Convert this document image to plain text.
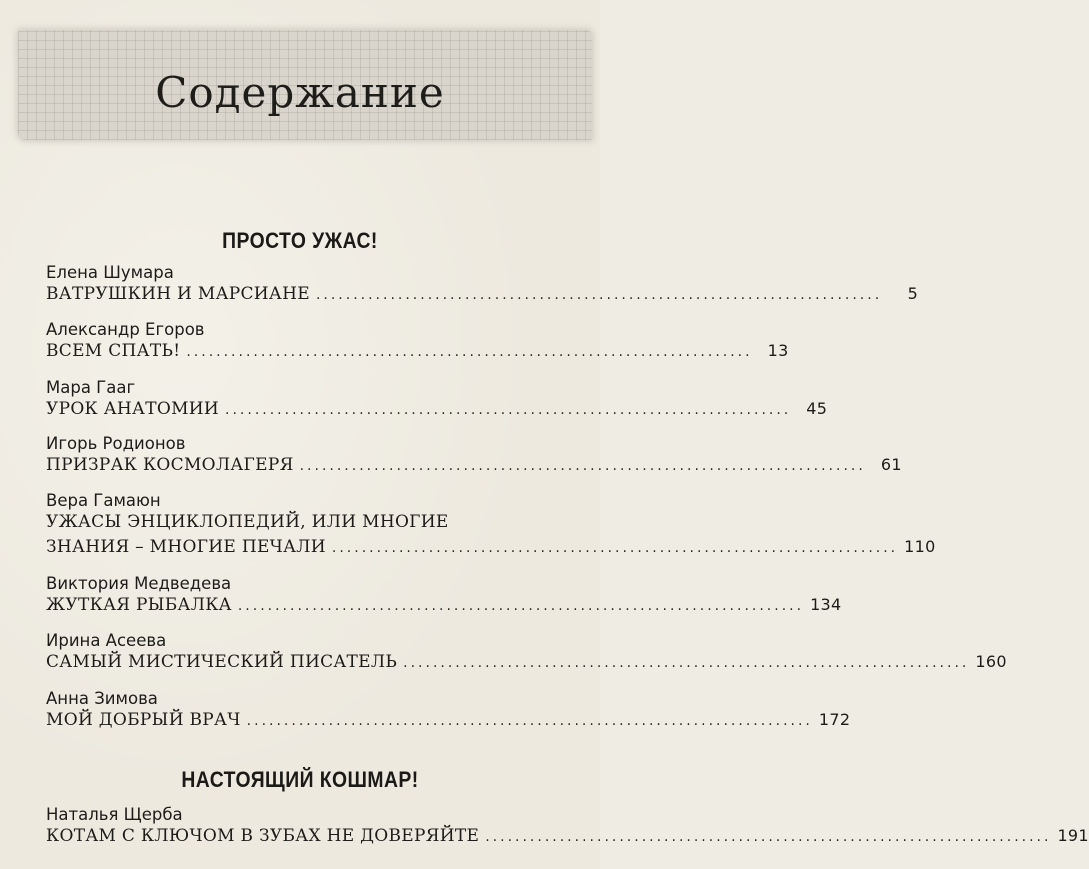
Содержание
ПРОСТО УЖАС!
Елена Шумара
ВАТРУШКИН И МАРСИАНЕ ............................................................................	5
Александр Егоров
ВСЕМ СПАТЬ! ............................................................................ 13
Мара Гааг
УРОК АНАТОМИИ ............................................................................ 45
Игорь Родионов
ПРИЗРАК КОСМОЛАГЕРЯ ............................................................................ 61
Вера Гамаюн
УЖАСЫ ЭНЦИКЛОПЕДИЙ, ИЛИ МНОГИЕ
ЗНАНИЯ – МНОГИЕ ПЕЧАЛИ ............................................................................ 110
Виктория Медведева
ЖУТКАЯ РЫБАЛКА ............................................................................ 134
Ирина Асеева
САМЫЙ МИСТИЧЕСКИЙ ПИСАТЕЛЬ ............................................................................ 160
Анна Зимова
МОЙ ДОБРЫЙ ВРАЧ ............................................................................ 172
НАСТОЯЩИЙ КОШМАР!
Наталья Щерба
КОТАМ С КЛЮЧОМ В ЗУБАХ НЕ ДОВЕРЯЙТЕ ............................................................................ 191
